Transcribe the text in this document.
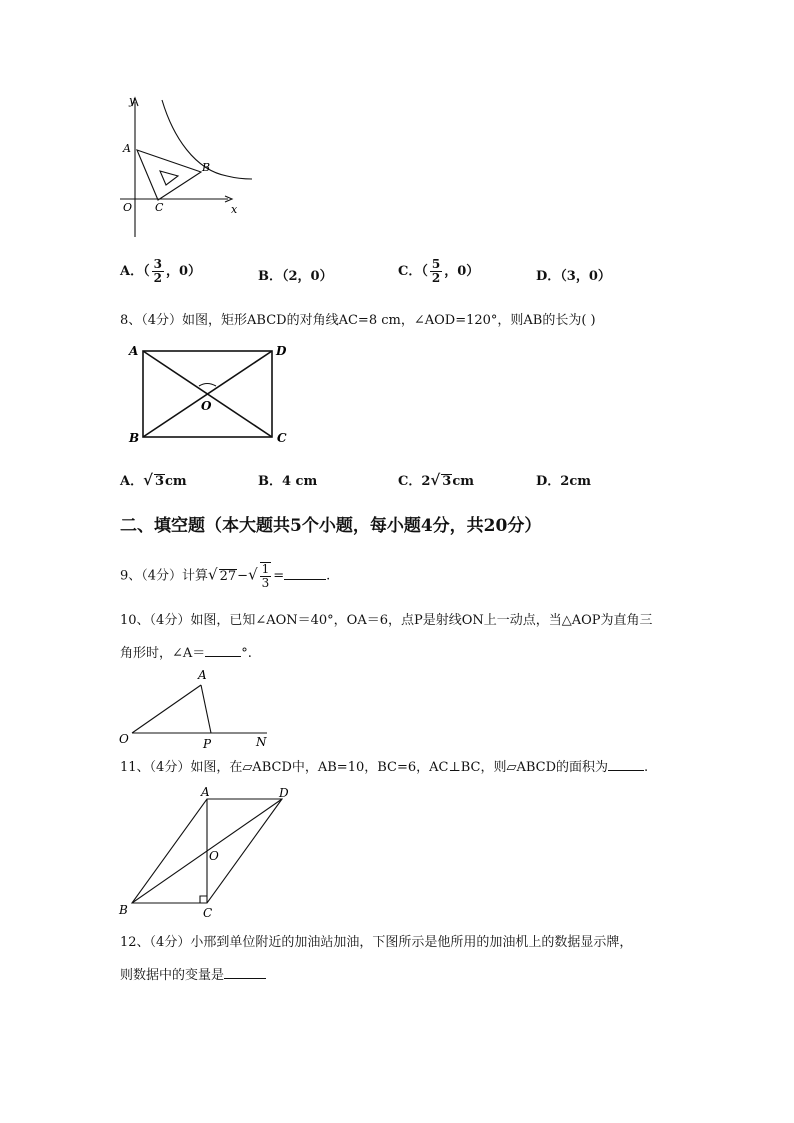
y
x
A
B
O C
A．（ $\frac{3}{2}$ ，0）	B．（2，0）	C．（ $\frac{5}{2}$ ，0）	D．（3，0）
8、（4分）如图，矩形ABCD的对角线AC=8 cm，∠AOD=120°，则AB的长为( )
A	D
O
B	C
A．√ 3cm	B．4 cm	C．2√ 3cm	D．2cm
二、填空题（本大题共5个小题，每小题4分，共20分）
9、（4分）计算√ $27-√ \frac{1}{3}$ =	.
10、（4分）如图，已知∠AON＝40°，OA＝6，点P是射线ON上一动点，当△AOP为直角三
角形时，∠A＝	°.
A
O	P	N
11、（4分）如图，在▱ABCD中，AB=10，BC=6，AC⊥BC，则▱ABCD的面积为	.
A	D
O
B	C
12、（4分）小邢到单位附近的加油站加油，下图所示是他所用的加油机上的数据显示牌，
则数据中的变量是
